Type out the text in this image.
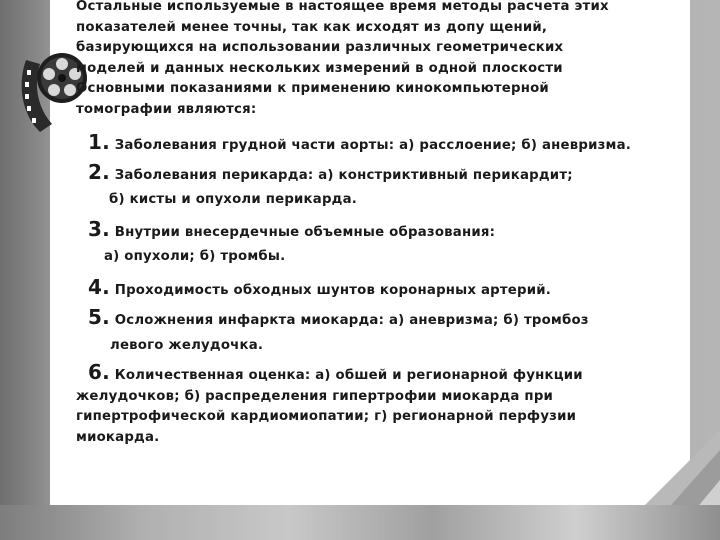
Остальные используемые в настоящее время методы расчета этих
показателей менее точны, так как исходят из допу щений,
базирующихся на использовании различных геометрических
моделей и данных нескольких измерений в одной плоскости
Основными показаниями к применению кинокомпьютерной
томографии являются:
1. Заболевания грудной части аорты: а) расслоение; б) аневризма.
2. Заболевания перикарда: а) констриктивный перикардит;
б) кисты и опухоли перикарда.
3. Внутрии внесердечные объемные образования:
а) опухоли; б) тромбы.
4. Проходимость обходных шунтов коронарных артерий.
5. Осложнения инфаркта миокарда: а) аневризма; б) тромбоз
левого желудочка.
6. Количественная оценка: а) обшей и регионарной функции
желудочков; б) распределения гипертрофии миокарда при
гипертрофической кардиомиопатии; г) регионарной перфузии
миокарда.
